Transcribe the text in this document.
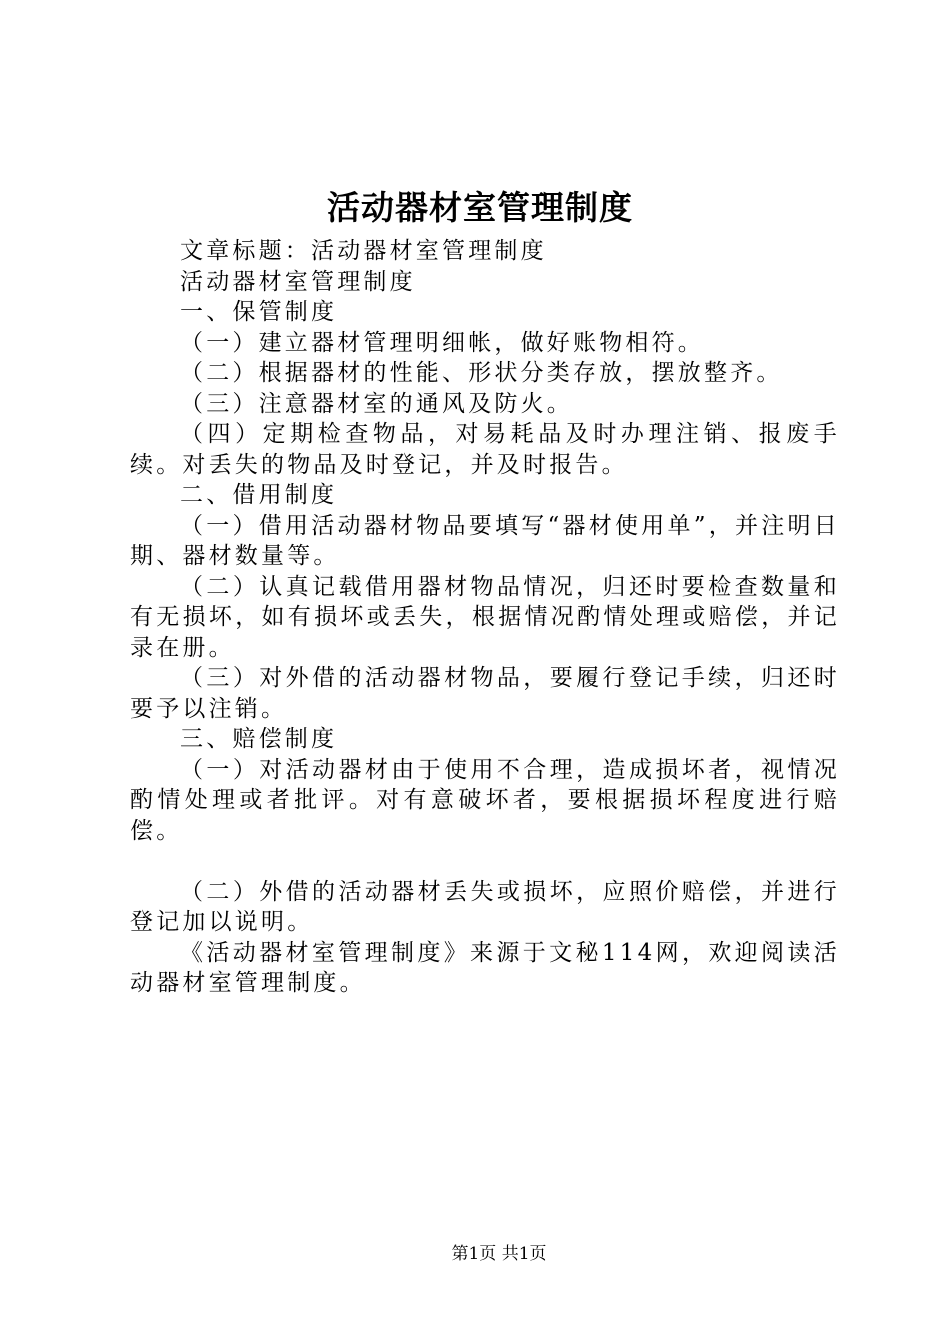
活动器材室管理制度

文章标题：活动器材室管理制度

活动器材室管理制度

一、保管制度

（一）建立器材管理明细帐，做好账物相符。

（二）根据器材的性能、形状分类存放，摆放整齐。

（三）注意器材室的通风及防火。

（四）定期检查物品，对易耗品及时办理注销、报废手续。对丢失的物品及时登记，并及时报告。

二、借用制度

（一）借用活动器材物品要填写“器材使用单”，并注明日期、器材数量等。

（二）认真记载借用器材物品情况，归还时要检查数量和有无损坏，如有损坏或丢失，根据情况酌情处理或赔偿，并记录在册。

（三）对外借的活动器材物品，要履行登记手续，归还时要予以注销。

三、赔偿制度

（一）对活动器材由于使用不合理，造成损坏者，视情况酌情处理或者批评。对有意破坏者，要根据损坏程度进行赔偿。

（二）外借的活动器材丢失或损坏，应照价赔偿，并进行登记加以说明。

《活动器材室管理制度》来源于文秘114网，欢迎阅读活动器材室管理制度。

第1页 共1页
